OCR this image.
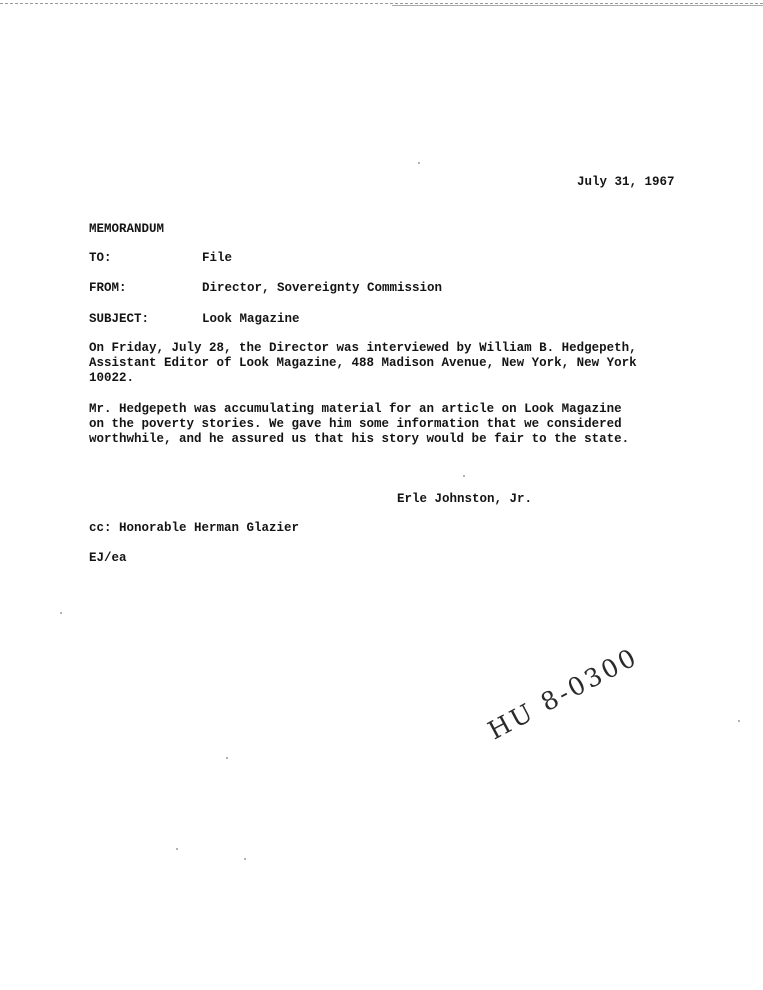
July 31, 1967
MEMORANDUM
TO:	File
FROM:	Director, Sovereignty Commission
SUBJECT:	Look Magazine
On Friday, July 28, the Director was interviewed by William B. Hedgepeth,
Assistant Editor of Look Magazine, 488 Madison Avenue, New York, New York
10022.
Mr. Hedgepeth was accumulating material for an article on Look Magazine
on the poverty stories. We gave him some information that we considered
worthwhile, and he assured us that his story would be fair to the state.
Erle Johnston, Jr.
cc: Honorable Herman Glazier
EJ/ea
HU 8-0300
